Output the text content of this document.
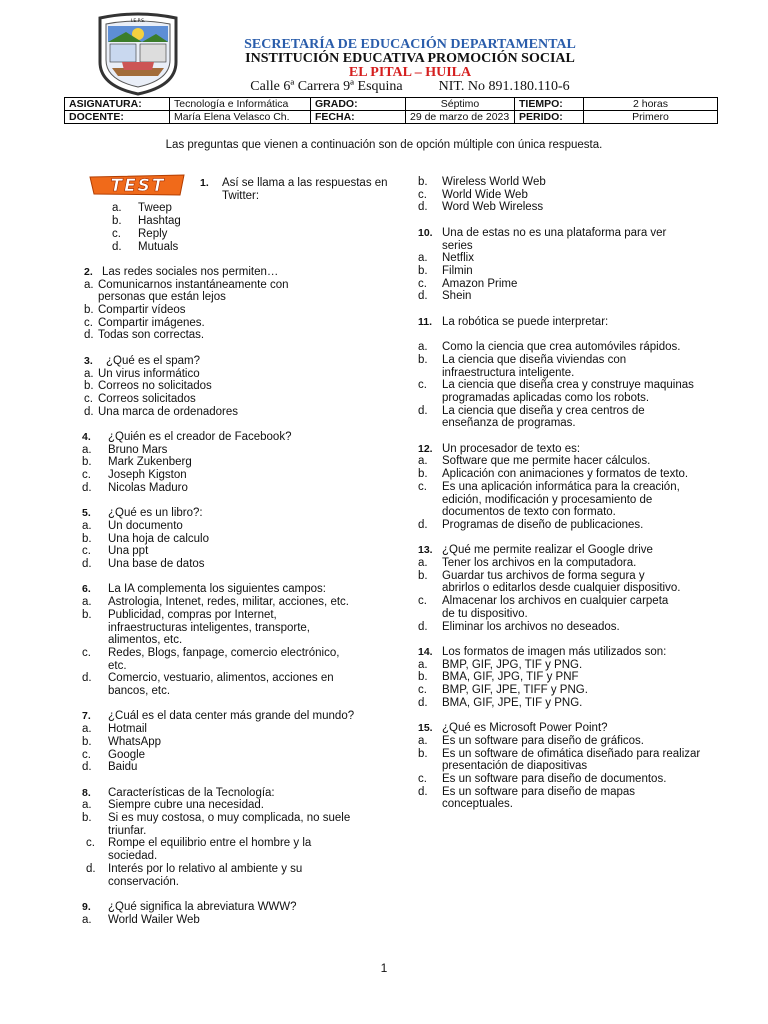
I.E.P.S.
SECRETARÍA DE EDUCACIÓN DEPARTAMENTAL
INSTITUCIÓN EDUCATIVA PROMOCIÓN SOCIAL
EL PITAL – HUILA
Calle 6ª Carrera 9ª Esquina	NIT. No 891.180.110-6
ASIGNATURA:	Tecnología e Informática	GRADO:	Séptimo	TIEMPO:	2 horas
DOCENTE:	María Elena Velasco Ch.	FECHA:	29 de marzo de 2023	PERIDO:	Primero
Las preguntas que vienen a continuación son de opción múltiple con única respuesta.
TEST	1.	Así se llama a las respuestas en Twitter:
a.	Tweep
b.	Hashtag
c.	Reply
d.	Mutuals
2. Las redes sociales nos permiten…
a. Comunicarnos instantáneamente con personas que están lejos
b. Compartir vídeos
c. Compartir imágenes.
d. Todas son correctas.
3.	¿Qué es el spam?
a. Un virus informático
b. Correos no solicitados
c. Correos solicitados
d. Una marca de ordenadores
4.	¿Quién es el creador de Facebook?
a.	Bruno Mars
b.	Mark Zukenberg
c.	Joseph Kigston
d.	Nicolas Maduro
5.	¿Qué es un libro?:
a.	Un documento
b.	Una hoja de calculo
c.	Una ppt
d.	Una base de datos
6.	La IA complementa los siguientes campos:
a.	Astrologia, Intenet, redes, militar, acciones, etc.
b.	Publicidad, compras por Internet, infraestructuras inteligentes, transporte, alimentos, etc.
c.	Redes, Blogs, fanpage, comercio electrónico, etc.
d.	Comercio, vestuario, alimentos, acciones en bancos, etc.
7.	¿Cuál es el data center más grande del mundo?
a.	Hotmail
b.	WhatsApp
c.	Google
d.	Baidu
8.	Características de la Tecnología:
a.	Siempre cubre una necesidad.
b.	Si es muy costosa, o muy complicada, no suele triunfar.
c.	Rompe el equilibrio entre el hombre y la sociedad.
d.	Interés por lo relativo al ambiente y su conservación.
9.	¿Qué significa la abreviatura WWW?
a.	World Wailer Web
b.	Wireless World Web
c.	World Wide Web
d.	Word Web Wireless
10. Una de estas no es una plataforma para ver series
a.	Netflix
b.	Filmin
c.	Amazon Prime
d.	Shein
11. La robótica se puede interpretar:
a.	Como la ciencia que crea automóviles rápidos.
b.	La ciencia que diseña viviendas con infraestructura inteligente.
c.	La ciencia que diseña crea y construye maquinas programadas aplicadas como los robots.
d.	La ciencia que diseña y crea centros de enseñanza de programas.
12. Un procesador de texto es:
a.	Software que me permite hacer cálculos.
b.	Aplicación con animaciones y formatos de texto.
c.	Es una aplicación informática para la creación, edición, modificación y procesamiento de documentos de texto con formato.
d.	Programas de diseño de publicaciones.
13. ¿Qué me permite realizar el Google drive
a.	Tener los archivos en la computadora.
b.	Guardar tus archivos de forma segura y abrirlos o editarlos desde cualquier dispositivo.
c.	Almacenar los archivos en cualquier carpeta de tu dispositivo.
d.	Eliminar los archivos no deseados.
14. Los formatos de imagen más utilizados son:
a.	BMP, GIF, JPG, TIF y PNG.
b.	BMA, GIF, JPG, TIF y PNF
c.	BMP, GIF, JPE, TIFF y PNG.
d.	BMA, GIF, JPE, TIF y PNG.
15. ¿Qué es Microsoft Power Point?
a.	Es un software para diseño de gráficos.
b.	Es un software de ofimática diseñado para realizar presentación de diapositivas
c.	Es un software para diseño de documentos.
d.	Es un software para diseño de mapas conceptuales.
1
